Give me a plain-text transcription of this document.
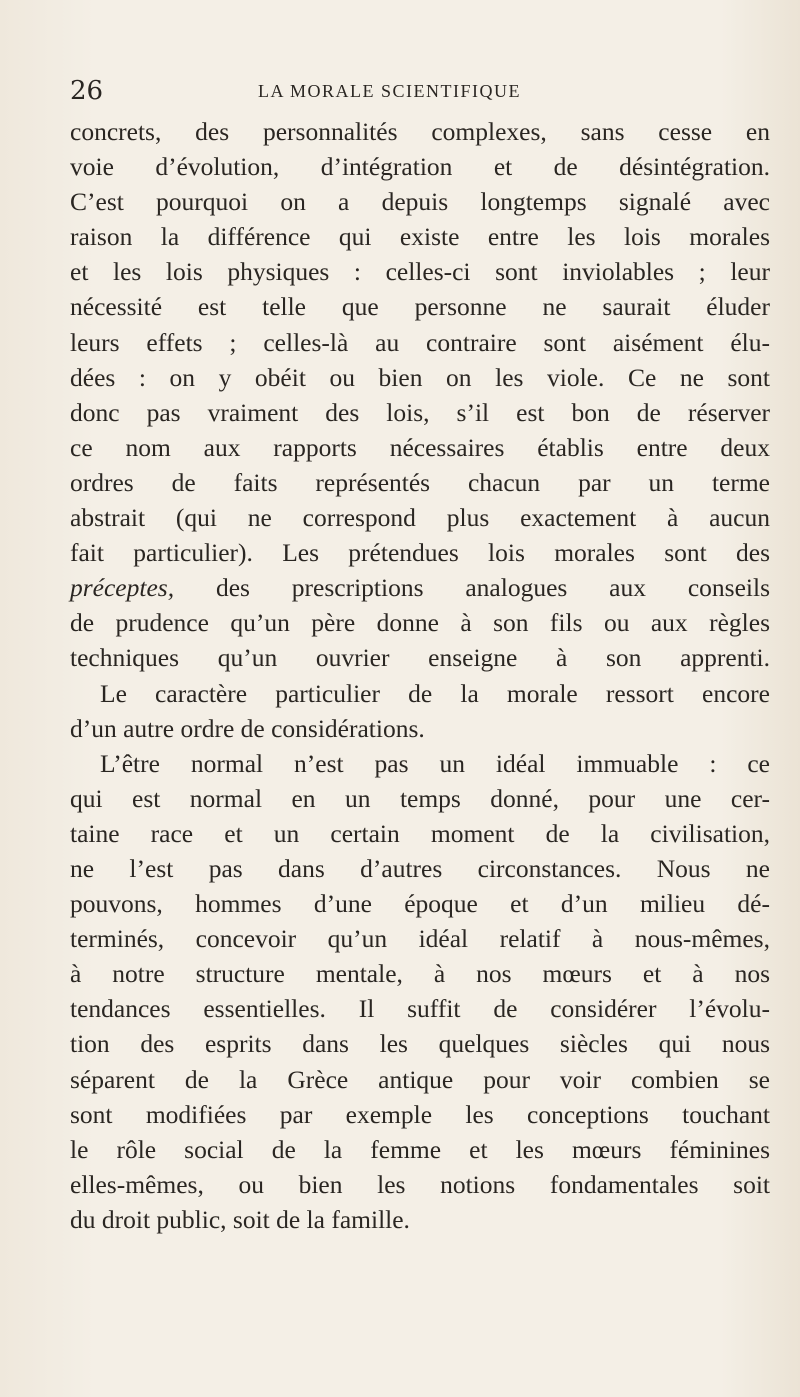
26	LA MORALE SCIENTIFIQUE
concrets, des personnalités complexes, sans cesse en
voie d’évolution, d’intégration et de désintégration.
C’est pourquoi on a depuis longtemps signalé avec
raison la différence qui existe entre les lois morales
et les lois physiques : celles-ci sont inviolables ; leur
nécessité est telle que personne ne saurait éluder
leurs effets ; celles-là au contraire sont aisément élu-
dées : on y obéit ou bien on les viole. Ce ne sont
donc pas vraiment des lois, s’il est bon de réserver
ce nom aux rapports nécessaires établis entre deux
ordres de faits représentés chacun par un terme
abstrait (qui ne correspond plus exactement à aucun
fait particulier). Les prétendues lois morales sont des
préceptes, des prescriptions analogues aux conseils
de prudence qu’un père donne à son fils ou aux règles
techniques qu’un ouvrier enseigne à son apprenti.
Le caractère particulier de la morale ressort encore
d’un autre ordre de considérations.
L’être normal n’est pas un idéal immuable : ce
qui est normal en un temps donné, pour une cer-
taine race et un certain moment de la civilisation,
ne l’est pas dans d’autres circonstances. Nous ne
pouvons, hommes d’une époque et d’un milieu dé-
terminés, concevoir qu’un idéal relatif à nous-mêmes,
à notre structure mentale, à nos mœurs et à nos
tendances essentielles. Il suffit de considérer l’évolu-
tion des esprits dans les quelques siècles qui nous
séparent de la Grèce antique pour voir combien se
sont modifiées par exemple les conceptions touchant
le rôle social de la femme et les mœurs féminines
elles-mêmes, ou bien les notions fondamentales soit
du droit public, soit de la famille.
